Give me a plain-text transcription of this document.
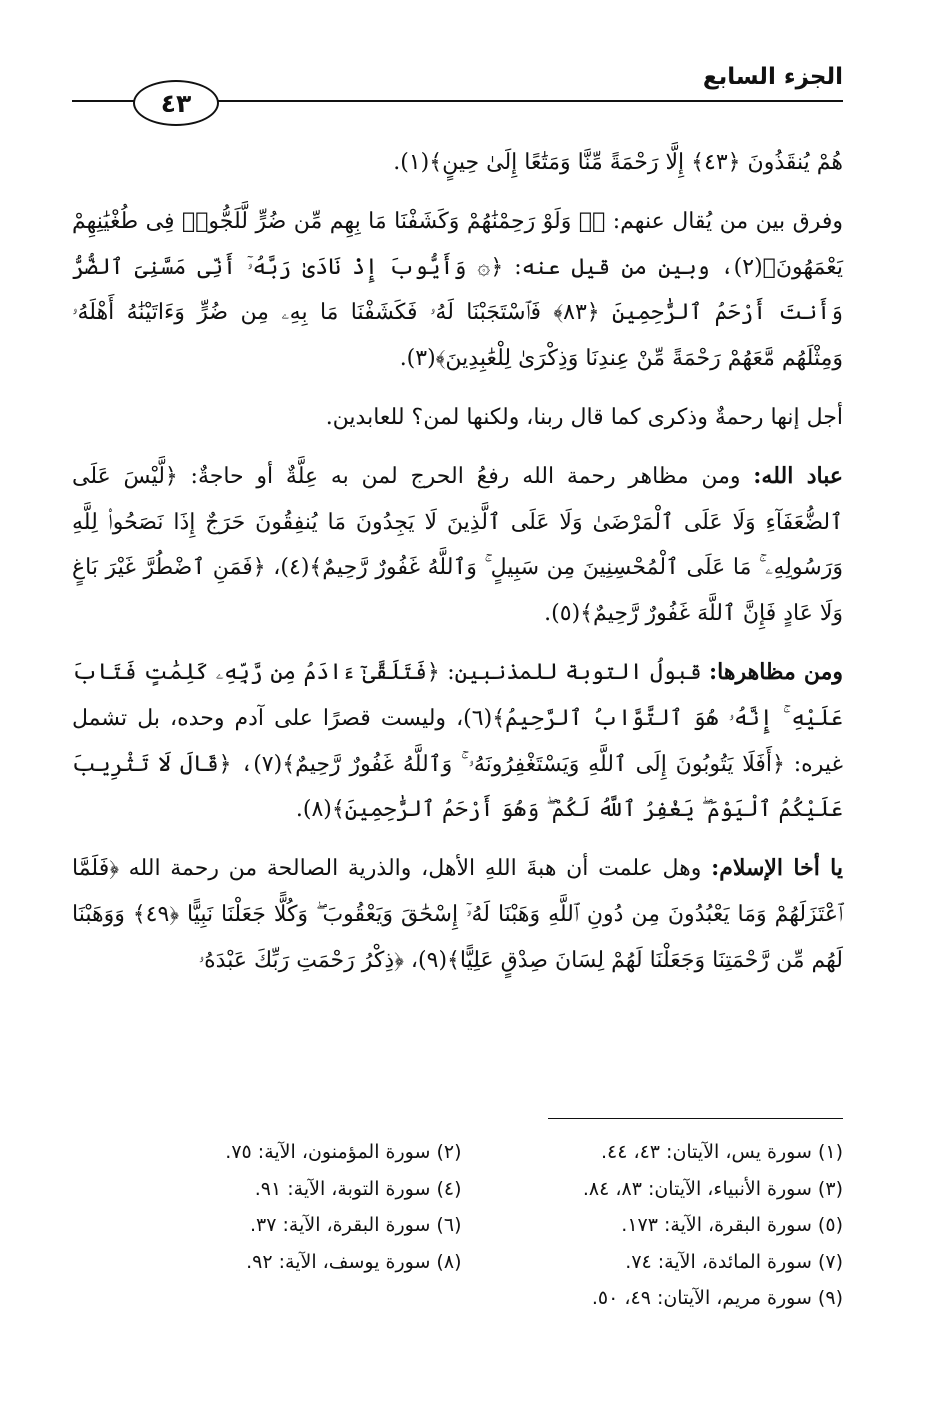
الجزء السابع
٤٣

هُمْ يُنقَذُونَ ﴿٤٣﴾ إِلَّا رَحْمَةً مِّنَّا وَمَتَٰعًا إِلَىٰ حِينٍ﴾(١).

وفرق بين من يُقال عنهم: ﴿۞ وَلَوْ رَحِمْنَٰهُمْ وَكَشَفْنَا مَا بِهِم مِّن ضُرٍّ لَّلَجُّوا۟ فِى طُغْيَٰنِهِمْ يَعْمَهُونَ﴾(٢)، وبين من قيل عنه: ﴿۞ وَأَيُّوبَ إِذْ نَادَىٰ رَبَّهُۥٓ أَنِّى مَسَّنِىَ ٱلضُّرُّ وَأَنتَ أَرْحَمُ ٱلرَّٰحِمِينَ ﴿٨٣﴾ فَٱسْتَجَبْنَا لَهُۥ فَكَشَفْنَا مَا بِهِۦ مِن ضُرٍّ وَءَاتَيْنَٰهُ أَهْلَهُۥ وَمِثْلَهُم مَّعَهُمْ رَحْمَةً مِّنْ عِندِنَا وَذِكْرَىٰ لِلْعَٰبِدِينَ﴾(٣).

أجل إنها رحمةٌ وذكرى كما قال ربنا، ولكنها لمن؟ للعابدين.

عباد الله: ومن مظاهر رحمة الله رفعُ الحرج لمن به عِلَّةٌ أو حاجةٌ: ﴿لَّيْسَ عَلَى ٱلضُّعَفَآءِ وَلَا عَلَى ٱلْمَرْضَىٰ وَلَا عَلَى ٱلَّذِينَ لَا يَجِدُونَ مَا يُنفِقُونَ حَرَجٌ إِذَا نَصَحُوا۟ لِلَّهِ وَرَسُولِهِۦ ۚ مَا عَلَى ٱلْمُحْسِنِينَ مِن سَبِيلٍ ۚ وَٱللَّهُ غَفُورٌ رَّحِيمٌ﴾(٤)، ﴿فَمَنِ ٱضْطُرَّ غَيْرَ بَاغٍ وَلَا عَادٍ فَإِنَّ ٱللَّهَ غَفُورٌ رَّحِيمٌ﴾(٥).

ومن مظاهرها: قبولُ التوبة للمذنبين: ﴿فَتَلَقَّىٰٓ ءَادَمُ مِن رَّبِّهِۦ كَلِمَٰتٍ فَتَابَ عَلَيْهِ ۚ إِنَّهُۥ هُوَ ٱلتَّوَّابُ ٱلرَّحِيمُ﴾(٦)، وليست قصرًا على آدم وحده، بل تشمل غيره: ﴿أَفَلَا يَتُوبُونَ إِلَى ٱللَّهِ وَيَسْتَغْفِرُونَهُۥ ۚ وَٱللَّهُ غَفُورٌ رَّحِيمٌ﴾(٧)، ﴿قَالَ لَا تَثْرِيبَ عَلَيْكُمُ ٱلْيَوْمَ ۖ يَغْفِرُ ٱللَّهُ لَكُمْ ۖ وَهُوَ أَرْحَمُ ٱلرَّٰحِمِينَ﴾(٨).

يا أخا الإسلام: وهل علمت أن هبةَ اللهِ الأهل، والذرية الصالحة من رحمة الله ﴿فَلَمَّا ٱعْتَزَلَهُمْ وَمَا يَعْبُدُونَ مِن دُونِ ٱللَّهِ وَهَبْنَا لَهُۥٓ إِسْحَٰقَ وَيَعْقُوبَ ۖ وَكُلًّا جَعَلْنَا نَبِيًّا ﴿٤٩﴾ وَوَهَبْنَا لَهُم مِّن رَّحْمَتِنَا وَجَعَلْنَا لَهُمْ لِسَانَ صِدْقٍ عَلِيًّا﴾(٩)، ﴿ذِكْرُ رَحْمَتِ رَبِّكَ عَبْدَهُۥ

(١) سورة يس، الآيتان: ٤٣، ٤٤.
(٢) سورة المؤمنون، الآية: ٧٥.
(٣) سورة الأنبياء، الآيتان: ٨٣، ٨٤.
(٤) سورة التوبة، الآية: ٩١.
(٥) سورة البقرة، الآية: ١٧٣.
(٦) سورة البقرة، الآية: ٣٧.
(٧) سورة المائدة، الآية: ٧٤.
(٨) سورة يوسف، الآية: ٩٢.
(٩) سورة مريم، الآيتان: ٤٩، ٥٠.
